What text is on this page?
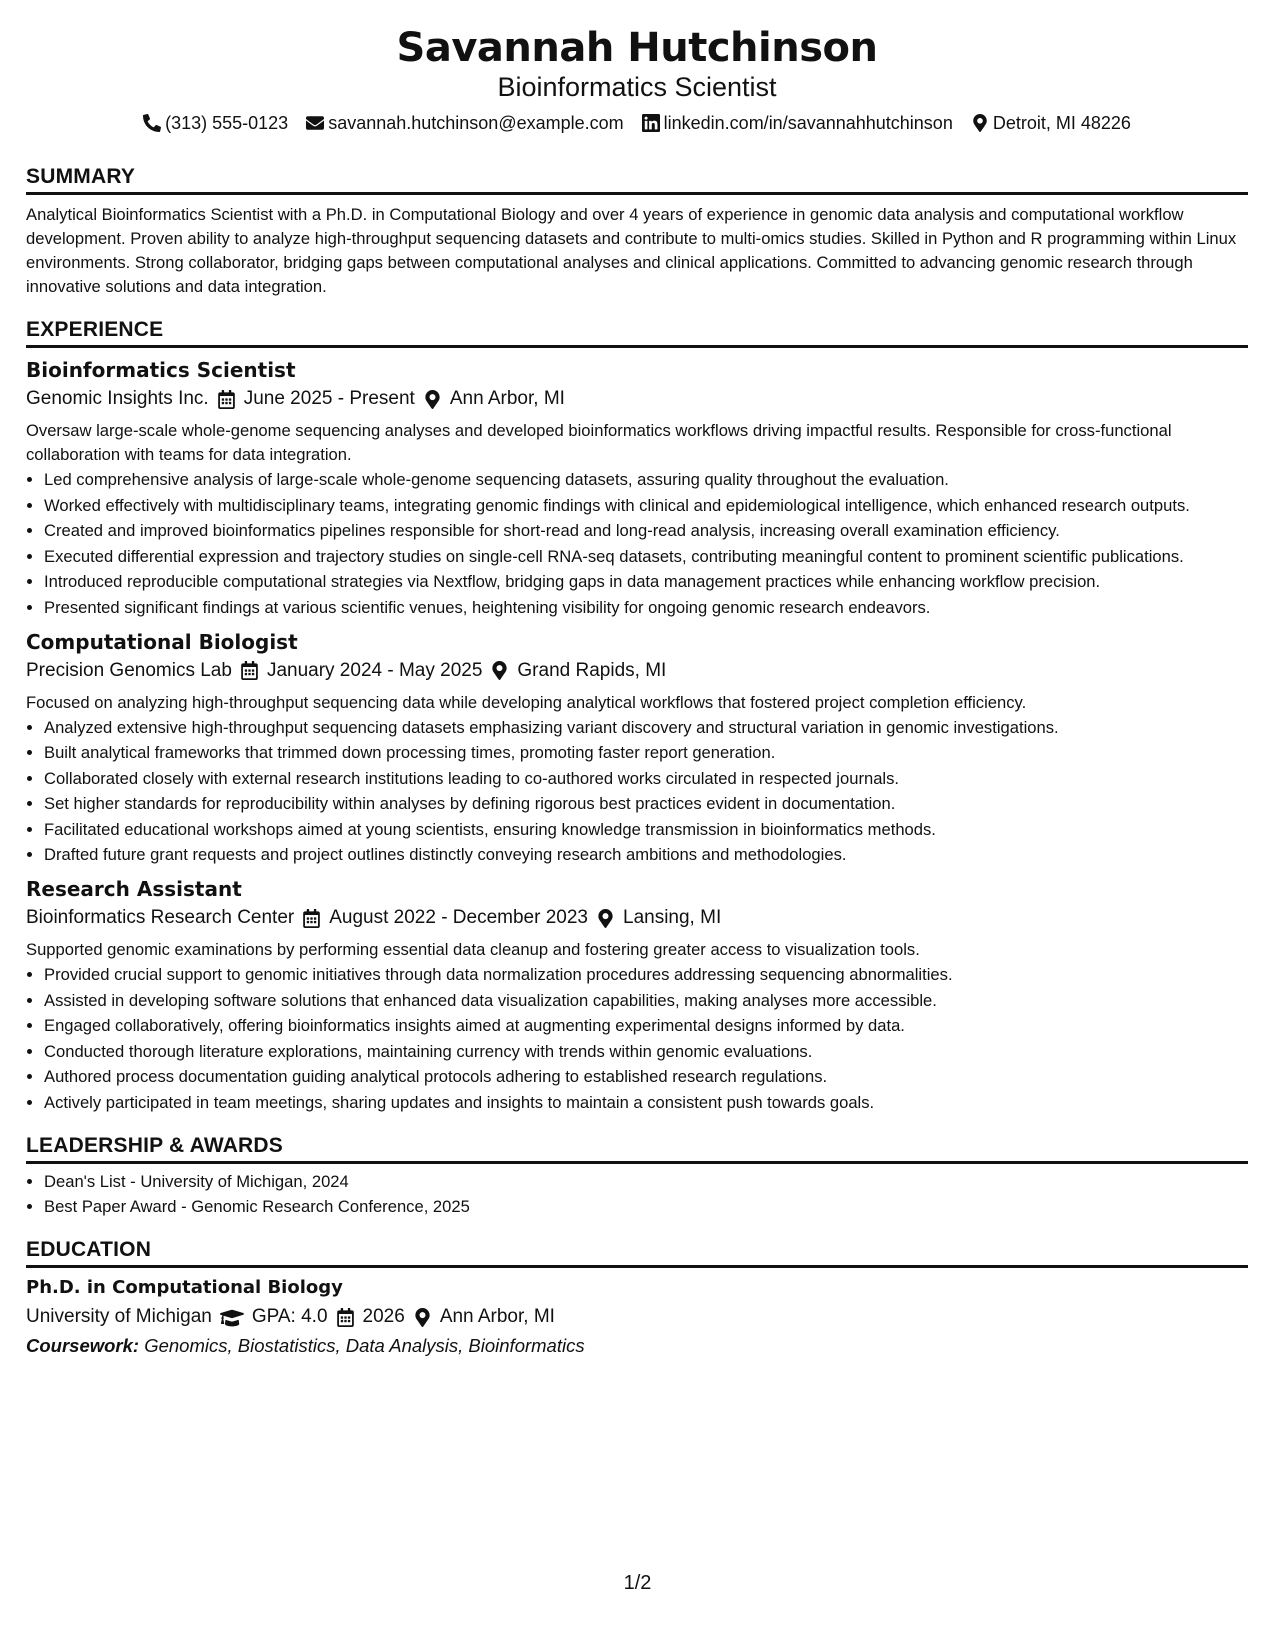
Savannah Hutchinson
Bioinformatics Scientist
(313) 555-0123 savannah.hutchinson@example.com linkedin.com/in/savannahhutchinson Detroit, MI 48226
SUMMARY
Analytical Bioinformatics Scientist with a Ph.D. in Computational Biology and over 4 years of experience in genomic data analysis and computational workflow development. Proven ability to analyze high-throughput sequencing datasets and contribute to multi-omics studies. Skilled in Python and R programming within Linux environments. Strong collaborator, bridging gaps between computational analyses and clinical applications. Committed to advancing genomic research through innovative solutions and data integration.
EXPERIENCE
Bioinformatics Scientist
Genomic Insights Inc. June 2025 - Present Ann Arbor, MI
Oversaw large-scale whole-genome sequencing analyses and developed bioinformatics workflows driving impactful results. Responsible for cross-functional collaboration with teams for data integration.
• Led comprehensive analysis of large-scale whole-genome sequencing datasets, assuring quality throughout the evaluation.
• Worked effectively with multidisciplinary teams, integrating genomic findings with clinical and epidemiological intelligence, which enhanced research outputs.
• Created and improved bioinformatics pipelines responsible for short-read and long-read analysis, increasing overall examination efficiency.
• Executed differential expression and trajectory studies on single-cell RNA-seq datasets, contributing meaningful content to prominent scientific publications.
• Introduced reproducible computational strategies via Nextflow, bridging gaps in data management practices while enhancing workflow precision.
• Presented significant findings at various scientific venues, heightening visibility for ongoing genomic research endeavors.
Computational Biologist
Precision Genomics Lab January 2024 - May 2025 Grand Rapids, MI
Focused on analyzing high-throughput sequencing data while developing analytical workflows that fostered project completion efficiency.
• Analyzed extensive high-throughput sequencing datasets emphasizing variant discovery and structural variation in genomic investigations.
• Built analytical frameworks that trimmed down processing times, promoting faster report generation.
• Collaborated closely with external research institutions leading to co-authored works circulated in respected journals.
• Set higher standards for reproducibility within analyses by defining rigorous best practices evident in documentation.
• Facilitated educational workshops aimed at young scientists, ensuring knowledge transmission in bioinformatics methods.
• Drafted future grant requests and project outlines distinctly conveying research ambitions and methodologies.
Research Assistant
Bioinformatics Research Center August 2022 - December 2023 Lansing, MI
Supported genomic examinations by performing essential data cleanup and fostering greater access to visualization tools.
• Provided crucial support to genomic initiatives through data normalization procedures addressing sequencing abnormalities.
• Assisted in developing software solutions that enhanced data visualization capabilities, making analyses more accessible.
• Engaged collaboratively, offering bioinformatics insights aimed at augmenting experimental designs informed by data.
• Conducted thorough literature explorations, maintaining currency with trends within genomic evaluations.
• Authored process documentation guiding analytical protocols adhering to established research regulations.
• Actively participated in team meetings, sharing updates and insights to maintain a consistent push towards goals.
LEADERSHIP & AWARDS
• Dean's List - University of Michigan, 2024
• Best Paper Award - Genomic Research Conference, 2025
EDUCATION
Ph.D. in Computational Biology
University of Michigan GPA: 4.0 2026 Ann Arbor, MI
Coursework: Genomics, Biostatistics, Data Analysis, Bioinformatics
1/2
